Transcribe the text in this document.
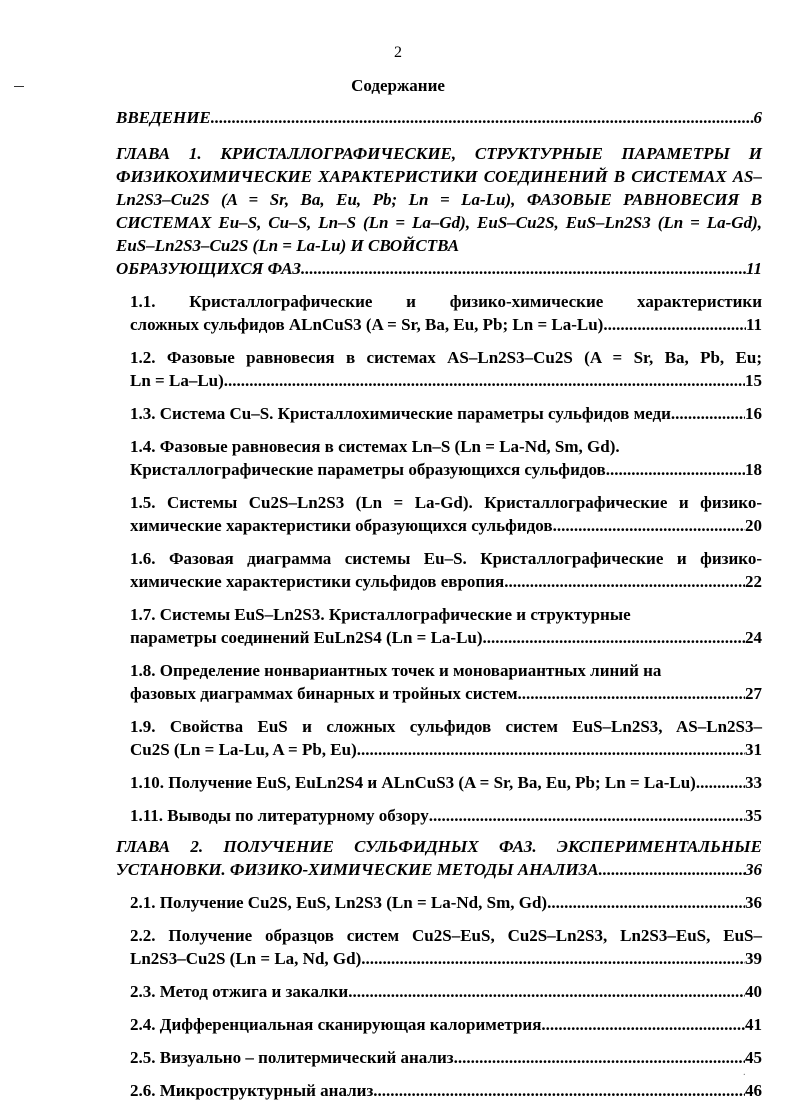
2
Содержание
ВВЕДЕНИЕ .....	6
ГЛАВА 1. КРИСТАЛЛОГРАФИЧЕСКИЕ, СТРУКТУРНЫЕ ПАРАМЕТРЫ И ФИЗИКОХИМИЧЕСКИЕ ХАРАКТЕРИСТИКИ СОЕДИНЕНИЙ В СИСТЕМАХ AS–Ln2S3–Cu2S (A = Sr, Ba, Eu, Pb; Ln = La-Lu), ФАЗОВЫЕ РАВНОВЕСИЯ В СИСТЕМАХ Eu–S, Cu–S, Ln–S (Ln = La–Gd), EuS–Cu2S, EuS–Ln2S3 (Ln = La-Gd), EuS–Ln2S3–Cu2S (Ln = La-Lu) И СВОЙСТВА
ОБРАЗУЮЩИХСЯ ФАЗ. .....	11
1.1. Кристаллографические и физико-химические характеристики
сложных сульфидов ALnCuS3 (A = Sr, Ba, Eu, Pb; Ln = La-Lu). .....	11
1.2. Фазовые равновесия в системах AS–Ln2S3–Cu2S (A = Sr, Ba, Pb, Eu;
Ln = La–Lu) .....	15
1.3. Система Cu–S. Кристаллохимические параметры сульфидов меди. .....	16
1.4. Фазовые равновесия в системах Ln–S (Ln = La-Nd, Sm, Gd).
Кристаллографические параметры образующихся сульфидов. .....	18
1.5. Системы Cu2S–Ln2S3 (Ln = La-Gd). Кристаллографические и физико-
химические характеристики образующихся сульфидов .....	20
1.6. Фазовая диаграмма системы Eu–S. Кристаллографические и физико-
химические характеристики сульфидов европия. .....	22
1.7. Системы EuS–Ln2S3. Кристаллографические и структурные
параметры соединений EuLn2S4 (Ln = La-Lu) .....	24
1.8. Определение нонвариантных точек и моновариантных линий на
фазовых диаграммах бинарных и тройных систем .....	27
1.9. Свойства EuS и сложных сульфидов систем EuS–Ln2S3, AS–Ln2S3–
Cu2S (Ln = La-Lu, A = Pb, Eu) .....	31
1.10. Получение EuS, EuLn2S4 и ALnCuS3 (A = Sr, Ba, Eu, Pb; Ln = La-Lu) .....	33
1.11. Выводы по литературному обзору .....	35
ГЛАВА 2. ПОЛУЧЕНИЕ СУЛЬФИДНЫХ ФАЗ. ЭКСПЕРИМЕНТАЛЬНЫЕ
УСТАНОВКИ. ФИЗИКО-ХИМИЧЕСКИЕ МЕТОДЫ АНАЛИЗА. .....	36
2.1. Получение Cu2S, EuS, Ln2S3 (Ln = La-Nd, Sm, Gd). .....	36
2.2. Получение образцов систем Cu2S–EuS, Cu2S–Ln2S3, Ln2S3–EuS, EuS–
Ln2S3–Cu2S (Ln = La, Nd, Gd) .....	39
2.3. Метод отжига и закалки. .....	40
2.4. Дифференциальная сканирующая калориметрия .....	41
2.5. Визуально – политермический анализ .....	45
2.6. Микроструктурный анализ .....	46
·
